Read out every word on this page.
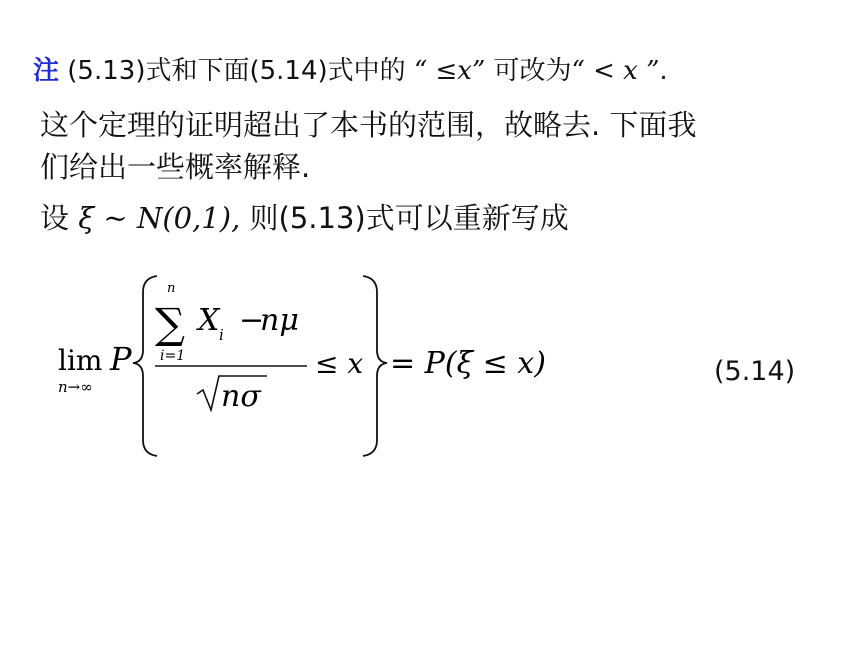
注 (5.13)式和下面(5.14)式中的 “ ≤x” 可改为“ < x ”.
这个定理的证明超出了本书的范围，故略去. 下面我
们给出一些概率解释.
设 ξ ~ N(0,1), 则(5.13)式可以重新写成
lim
n→∞
P
n
∑
i=1
X i −
nμ
nσ
≤ x = P(ξ ≤ x)	(5.14)
